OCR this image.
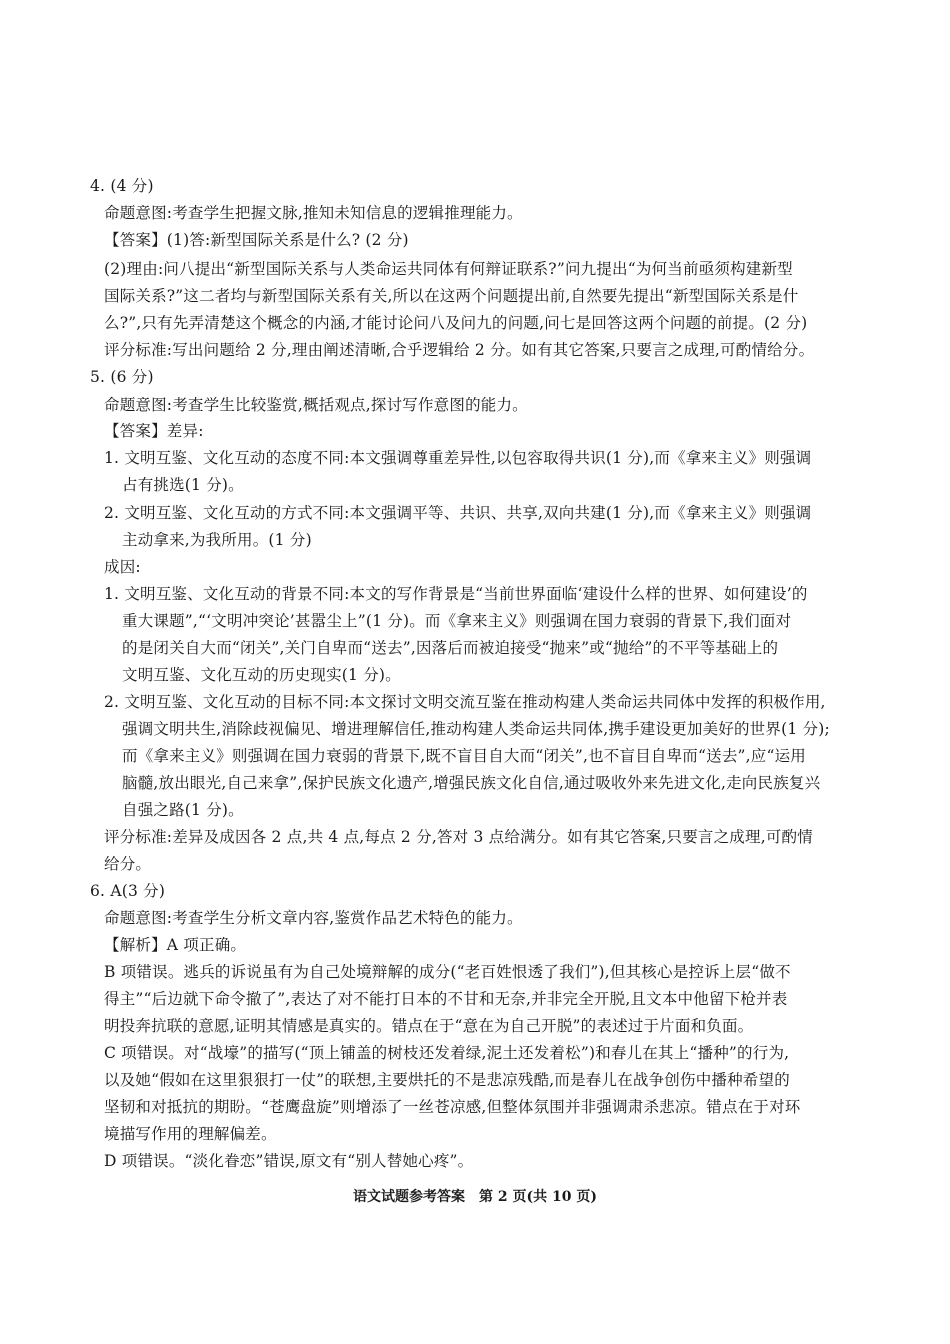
4. (4 分)
命题意图:考查学生把握文脉,推知未知信息的逻辑推理能力。
【答案】(1)答:新型国际关系是什么? (2 分)
(2)理由:问八提出“新型国际关系与人类命运共同体有何辩证联系?”问九提出“为何当前亟须构建新型
国际关系?”这二者均与新型国际关系有关,所以在这两个问题提出前,自然要先提出“新型国际关系是什
么?”,只有先弄清楚这个概念的内涵,才能讨论问八及问九的问题,问七是回答这两个问题的前提。(2 分)
评分标准:写出问题给 2 分,理由阐述清晰,合乎逻辑给 2 分。如有其它答案,只要言之成理,可酌情给分。
5. (6 分)
命题意图:考查学生比较鉴赏,概括观点,探讨写作意图的能力。
【答案】差异:
1. 文明互鉴、文化互动的态度不同:本文强调尊重差异性,以包容取得共识(1 分),而《拿来主义》则强调
占有挑选(1 分)。
2. 文明互鉴、文化互动的方式不同:本文强调平等、共识、共享,双向共建(1 分),而《拿来主义》则强调
主动拿来,为我所用。(1 分)
成因:
1. 文明互鉴、文化互动的背景不同:本文的写作背景是“当前世界面临‘建设什么样的世界、如何建设’的
重大课题”,“‘文明冲突论’甚嚣尘上”(1 分)。而《拿来主义》则强调在国力衰弱的背景下,我们面对
的是闭关自大而“闭关”,关门自卑而“送去”,因落后而被迫接受“抛来”或“抛给”的不平等基础上的
文明互鉴、文化互动的历史现实(1 分)。
2. 文明互鉴、文化互动的目标不同:本文探讨文明交流互鉴在推动构建人类命运共同体中发挥的积极作用,
强调文明共生,消除歧视偏见、增进理解信任,推动构建人类命运共同体,携手建设更加美好的世界(1 分);
而《拿来主义》则强调在国力衰弱的背景下,既不盲目自大而“闭关”,也不盲目自卑而“送去”,应“运用
脑髓,放出眼光,自己来拿”,保护民族文化遗产,增强民族文化自信,通过吸收外来先进文化,走向民族复兴
自强之路(1 分)。
评分标准:差异及成因各 2 点,共 4 点,每点 2 分,答对 3 点给满分。如有其它答案,只要言之成理,可酌情
给分。
6. A(3 分)
命题意图:考查学生分析文章内容,鉴赏作品艺术特色的能力。
【解析】A 项正确。
B 项错误。逃兵的诉说虽有为自己处境辩解的成分(“老百姓恨透了我们”),但其核心是控诉上层“做不
得主”“后边就下命令撤了”,表达了对不能打日本的不甘和无奈,并非完全开脱,且文本中他留下枪并表
明投奔抗联的意愿,证明其情感是真实的。错点在于“意在为自己开脱”的表述过于片面和负面。
C 项错误。对“战壕”的描写(“顶上铺盖的树枝还发着绿,泥土还发着松”)和春儿在其上“播种”的行为,
以及她“假如在这里狠狠打一仗”的联想,主要烘托的不是悲凉残酷,而是春儿在战争创伤中播种希望的
坚韧和对抵抗的期盼。“苍鹰盘旋”则增添了一丝苍凉感,但整体氛围并非强调肃杀悲凉。错点在于对环
境描写作用的理解偏差。
D 项错误。“淡化眷恋”错误,原文有“别人替她心疼”。
语文试题参考答案　第 2 页(共 10 页)
